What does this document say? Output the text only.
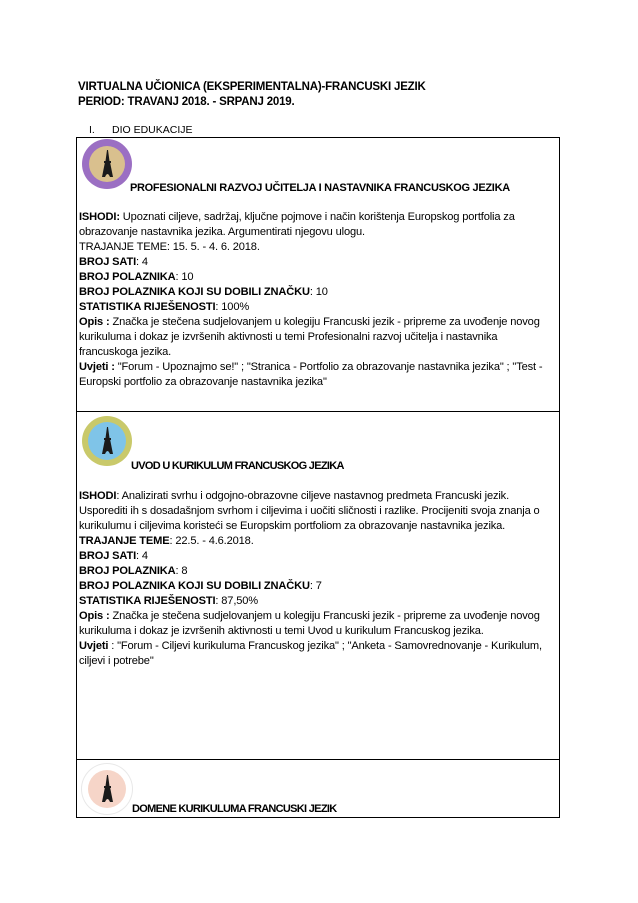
VIRTUALNA UČIONICA (EKSPERIMENTALNA)-FRANCUSKI JEZIK
PERIOD: TRAVANJ 2018. - SRPANJ 2019.
I. DIO EDUKACIJE
PROFESIONALNI RAZVOJ UČITELJA I NASTAVNIKA FRANCUSKOG JEZIKA

ISHODI: Upoznati ciljeve, sadržaj, ključne pojmove i način korištenja Europskog portfolia za obrazovanje nastavnika jezika. Argumentirati njegovu ulogu.

TRAJANJE TEME: 15. 5. - 4. 6. 2018.

BROJ SATI: 4

BROJ POLAZNIKA: 10

BROJ POLAZNIKA KOJI SU DOBILI ZNAČKU: 10

STATISTIKA RIJEŠENOSTI: 100%

Opis : Značka je stečena sudjelovanjem u kolegiju Francuski jezik - pripreme za uvođenje novog kurikuluma i dokaz je izvršenih aktivnosti u temi Profesionalni razvoj učitelja i nastavnika francuskoga jezika.

Uvjeti : "Forum - Upoznajmo se!" ; "Stranica - Portfolio za obrazovanje nastavnika jezika" ; "Test - Europski portfolio za obrazovanje nastavnika jezika"

UVOD U KURIKULUM FRANCUSKOG JEZIKA

ISHODI: Analizirati svrhu i odgojno-obrazovne ciljeve nastavnog predmeta Francuski jezik. Usporediti ih s dosadašnjom svrhom i ciljevima i uočiti sličnosti i razlike. Procijeniti svoja znanja o kurikulumu i ciljevima koristeći se Europskim portfoliom za obrazovanje nastavnika jezika.

TRAJANJE TEME: 22.5. - 4.6.2018.

BROJ SATI: 4

BROJ POLAZNIKA: 8

BROJ POLAZNIKA KOJI SU DOBILI ZNAČKU: 7

STATISTIKA RIJEŠENOSTI: 87,50%

Opis : Značka je stečena sudjelovanjem u kolegiju Francuski jezik - pripreme za uvođenje novog kurikuluma i dokaz je izvršenih aktivnosti u temi Uvod u kurikulum Francuskog jezika.

Uvjeti : "Forum - Ciljevi kurikuluma Francuskog jezika" ; "Anketa - Samovrednovanje - Kurikulum, ciljevi i potrebe"

DOMENE KURIKULUMA FRANCUSKI JEZIK
